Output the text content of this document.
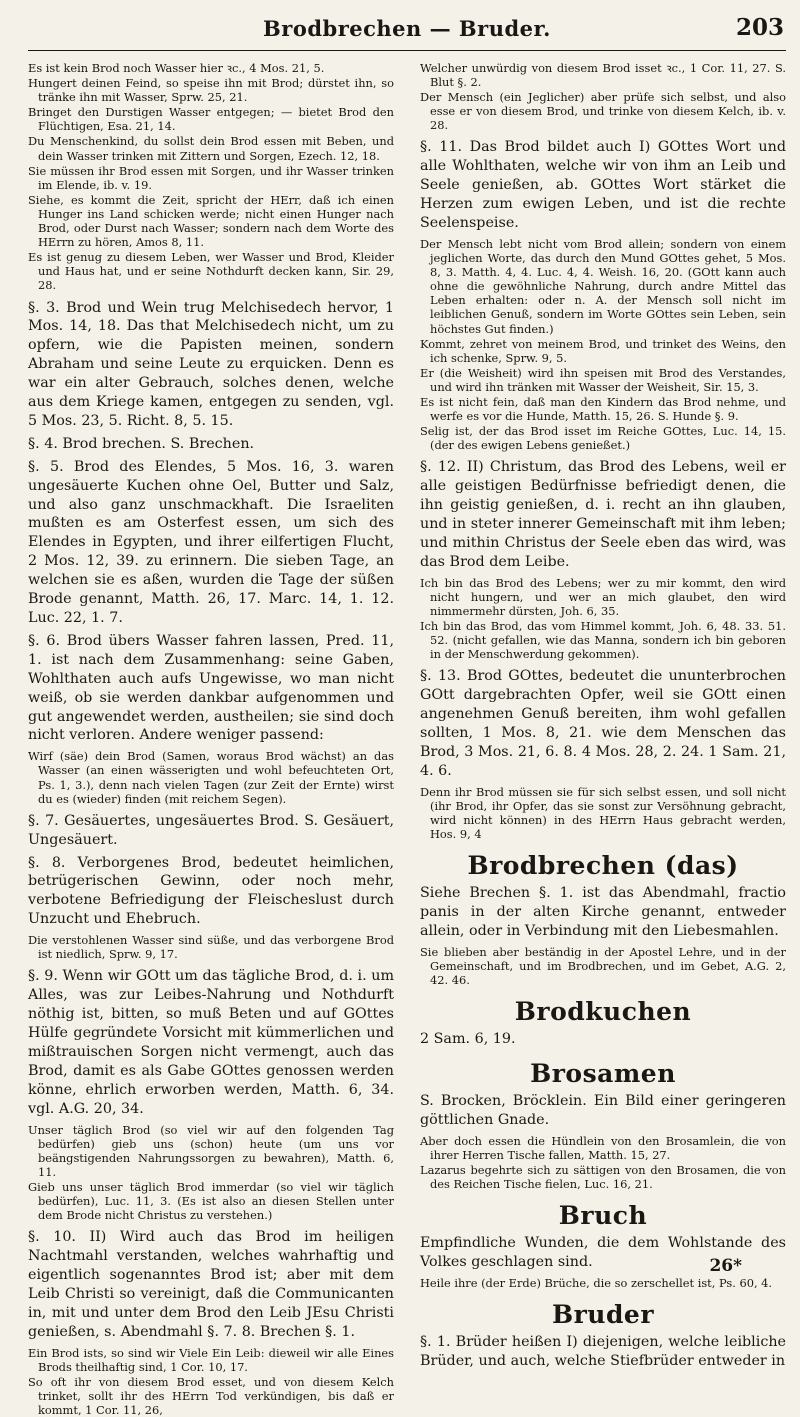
Brodbrechen — Bruder.	203
Es ist kein Brod noch Wasser hier ꝛc., 4 Mos. 21, 5.
Hungert deinen Feind, so speise ihn mit Brod; dürstet ihn, so tränke ihn mit Wasser, Sprw. 25, 21.
Bringet den Durstigen Wasser entgegen; — bietet Brod den Flüchtigen, Esa. 21, 14.
Du Menschenkind, du sollst dein Brod essen mit Beben, und dein Wasser trinken mit Zittern und Sorgen, Ezech. 12, 18.
Sie müssen ihr Brod essen mit Sorgen, und ihr Wasser trinken im Elende, ib. v. 19.
Siehe, es kommt die Zeit, spricht der HErr, daß ich einen Hunger ins Land schicken werde; nicht einen Hunger nach Brod, oder Durst nach Wasser; sondern nach dem Worte des HErrn zu hören, Amos 8, 11.
Es ist genug zu diesem Leben, wer Wasser und Brod, Kleider und Haus hat, und er seine Nothdurft decken kann, Sir. 29, 28.

§. 3. Brod und Wein trug Melchisedech hervor, 1 Mos. 14, 18. Das that Melchisedech nicht, um zu opfern, wie die Papisten meinen, sondern Abraham und seine Leute zu erquicken. Denn es war ein alter Gebrauch, solches denen, welche aus dem Kriege kamen, entgegen zu senden, vgl. 5 Mos. 23, 5. Richt. 8, 5. 15.

§. 4. Brod brechen. S. Brechen.

§. 5. Brod des Elendes, 5 Mos. 16, 3. waren ungesäuerte Kuchen ohne Oel, Butter und Salz, und also ganz unschmackhaft. Die Israeliten mußten es am Osterfest essen, um sich des Elendes in Egypten, und ihrer eilfertigen Flucht, 2 Mos. 12, 39. zu erinnern. Die sieben Tage, an welchen sie es aßen, wurden die Tage der süßen Brode genannt, Matth. 26, 17. Marc. 14, 1. 12. Luc. 22, 1. 7.

§. 6. Brod übers Wasser fahren lassen, Pred. 11, 1. ist nach dem Zusammenhang: seine Gaben, Wohlthaten auch aufs Ungewisse, wo man nicht weiß, ob sie werden dankbar aufgenommen und gut angewendet werden, austheilen; sie sind doch nicht verloren. Andere weniger passend:

Wirf (säe) dein Brod (Samen, woraus Brod wächst) an das Wasser (an einen wässerigten und wohl befeuchteten Ort, Ps. 1, 3.), denn nach vielen Tagen (zur Zeit der Ernte) wirst du es (wieder) finden (mit reichem Segen).

§. 7. Gesäuertes, ungesäuertes Brod. S. Gesäuert, Ungesäuert.

§. 8. Verborgenes Brod, bedeutet heimlichen, betrügerischen Gewinn, oder noch mehr, verbotene Befriedigung der Fleischeslust durch Unzucht und Ehebruch.

Die verstohlenen Wasser sind süße, und das verborgene Brod ist niedlich, Sprw. 9, 17.

§. 9. Wenn wir GOtt um das tägliche Brod, d. i. um Alles, was zur Leibes-Nahrung und Nothdurft nöthig ist, bitten, so muß Beten und auf GOttes Hülfe gegründete Vorsicht mit kümmerlichen und mißtrauischen Sorgen nicht vermengt, auch das Brod, damit es als Gabe GOttes genossen werden könne, ehrlich erworben werden, Matth. 6, 34. vgl. A.G. 20, 34.

Unser täglich Brod (so viel wir auf den folgenden Tag bedürfen) gieb uns (schon) heute (um uns vor beängstigenden Nahrungssorgen zu bewahren), Matth. 6, 11.
Gieb uns unser täglich Brod immerdar (so viel wir täglich bedürfen), Luc. 11, 3. (Es ist also an diesen Stellen unter dem Brode nicht Christus zu verstehen.)

§. 10. II) Wird auch das Brod im heiligen Nachtmahl verstanden, welches wahrhaftig und eigentlich sogenanntes Brod ist; aber mit dem Leib Christi so vereinigt, daß die Communicanten in, mit und unter dem Brod den Leib JEsu Christi genießen, s. Abendmahl §. 7. 8. Brechen §. 1.

Ein Brod ists, so sind wir Viele Ein Leib: dieweil wir alle Eines Brods theilhaftig sind, 1 Cor. 10, 17.
So oft ihr von diesem Brod esset, und von diesem Kelch trinket, sollt ihr des HErrn Tod verkündigen, bis daß er kommt, 1 Cor. 11, 26,
Welcher unwürdig von diesem Brod isset ꝛc., 1 Cor. 11, 27. S. Blut §. 2.
Der Mensch (ein Jeglicher) aber prüfe sich selbst, und also esse er von diesem Brod, und trinke von diesem Kelch, ib. v. 28.

§. 11. Das Brod bildet auch I) GOttes Wort und alle Wohlthaten, welche wir von ihm an Leib und Seele genießen, ab. GOttes Wort stärket die Herzen zum ewigen Leben, und ist die rechte Seelenspeise.

Der Mensch lebt nicht vom Brod allein; sondern von einem jeglichen Worte, das durch den Mund GOttes gehet, 5 Mos. 8, 3. Matth. 4, 4. Luc. 4, 4. Weish. 16, 20. (GOtt kann auch ohne die gewöhnliche Nahrung, durch andre Mittel das Leben erhalten: oder n. A. der Mensch soll nicht im leiblichen Genuß, sondern im Worte GOttes sein Leben, sein höchstes Gut finden.)
Kommt, zehret von meinem Brod, und trinket des Weins, den ich schenke, Sprw. 9, 5.
Er (die Weisheit) wird ihn speisen mit Brod des Verstandes, und wird ihn tränken mit Wasser der Weisheit, Sir. 15, 3.
Es ist nicht fein, daß man den Kindern das Brod nehme, und werfe es vor die Hunde, Matth. 15, 26. S. Hunde §. 9.
Selig ist, der das Brod isset im Reiche GOttes, Luc. 14, 15. (der des ewigen Lebens genießet.)

§. 12. II) Christum, das Brod des Lebens, weil er alle geistigen Bedürfnisse befriedigt denen, die ihn geistig genießen, d. i. recht an ihn glauben, und in steter innerer Gemeinschaft mit ihm leben; und mithin Christus der Seele eben das wird, was das Brod dem Leibe.

Ich bin das Brod des Lebens; wer zu mir kommt, den wird nicht hungern, und wer an mich glaubet, den wird nimmermehr dürsten, Joh. 6, 35.
Ich bin das Brod, das vom Himmel kommt, Joh. 6, 48. 33. 51. 52. (nicht gefallen, wie das Manna, sondern ich bin geboren in der Menschwerdung gekommen).

§. 13. Brod GOttes, bedeutet die ununterbrochen GOtt dargebrachten Opfer, weil sie GOtt einen angenehmen Genuß bereiten, ihm wohl gefallen sollten, 1 Mos. 8, 21. wie dem Menschen das Brod, 3 Mos. 21, 6. 8. 4 Mos. 28, 2. 24. 1 Sam. 21, 4. 6.

Denn ihr Brod müssen sie für sich selbst essen, und soll nicht (ihr Brod, ihr Opfer, das sie sonst zur Versöhnung gebracht, wird nicht können) in des HErrn Haus gebracht werden, Hos. 9, 4
Brodbrechen (das)

Siehe Brechen §. 1. ist das Abendmahl, fractio panis in der alten Kirche genannt, entweder allein, oder in Verbindung mit den Liebesmahlen.

Sie blieben aber beständig in der Apostel Lehre, und in der Gemeinschaft, und im Brodbrechen, und im Gebet, A.G. 2, 42. 46.
Brodkuchen

2 Sam. 6, 19.

Brosamen

S. Brocken, Bröcklein. Ein Bild einer geringeren göttlichen Gnade.

Aber doch essen die Hündlein von den Brosamlein, die von ihrer Herren Tische fallen, Matth. 15, 27.
Lazarus begehrte sich zu sättigen von den Brosamen, die von des Reichen Tische fielen, Luc. 16, 21.
Bruch

Empfindliche Wunden, die dem Wohlstande des Volkes geschlagen sind.

Heile ihre (der Erde) Brüche, die so zerschellet ist, Ps. 60, 4.
Bruder

§. 1. Brüder heißen I) diejenigen, welche leibliche Brüder, und auch, welche Stiefbrüder entweder in

26*
